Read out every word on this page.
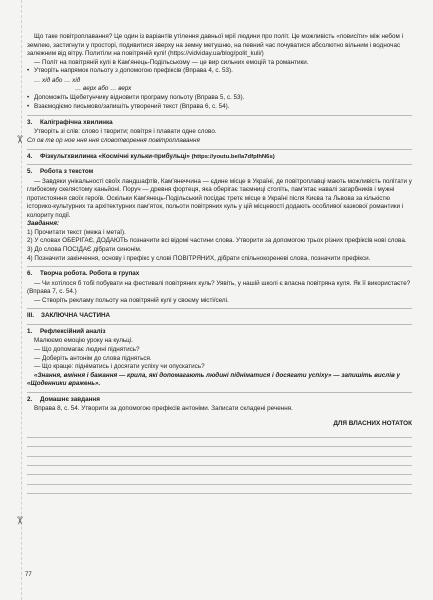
✂
✂

Що таке повітроплавання? Це один із варіантів утілення давньої мрії людини про політ. Це можливість «повисіти» між небом і землею, застигнути у просторі, подивитися зверху на земну метушню, на певний час почуватися абсолютно вільним і водночас залежним від вітру. Политіли на повітряній кулі! (https://vidviday.ua/blog/polit_kuli/)

— Політ на повітряній кулі в Кам'янець-Подільському — це вир сильних емоцій та романтики.

• Утворіть напрямок польоту з допомогою префіксів (Вправа 4, с. 53).

… хід або … хід

… верх або … верх

• Допоможіть Щебетунчику відновити програму польоту (Вправа 5, с. 53).

• Взаємодіємо письмово/запишіть утворений текст (Вправа 6, с. 54).

3. Каліграфічна хвилинка

Утворіть зі слів: слово і творити; повітря і плавати одне слово.

Сл ов тв ор ное ння ння словотворення повітроплавання

4. Фізкультхвилинка «Космічні кульки-прибульці» (https://youtu.be/la7dfpIhN6s)
5. Робота з текстом

— Завдяки унікальності своїх ландшафтів, Кам'янеччина — єдине місце в Україні, де повітроплавці мають можливість політати у глибокому скелястому каньйоні. Поруч — древня фортеця, яка оберігає таємниці століть, пам'ятає навалі загарбників і мужні протистояння своїх героїв. Оскільки Кам'янець-Подільський посідає третє місце в Україні після Києва та Львова за кількістю історико-культурних та архітектурних пам'яток, польоти повітряних куль у цій місцевості додають особливої казкової романтики і колориту події.

Завдання:

1) Прочитати текст (межа і метаї).

2) У словах ОБЕРІГАЄ, ДОДАЮТЬ позначити всі відомі частини слова. Утворити за допомогою трьох різних префіксів нові слова.

3) До слова ПОСІДАЄ дібрати синонім.

4) Позначити закінчення, основу і префікс у слові ПОВІТРЯНИХ, дібрати спільнокореневі слова, позначити префікси.

6. Творча робота. Робота в групах

— Чи хотілося б тобі побувати на фестивалі повітряних куль? Уявіть, у нашій школі є власна повітряна куля. Як її використаєте? (Вправа 7, с. 54.)

— Створіть рекламу польоту на повітряній кулі у своєму місті/селі.

III. ЗАКЛЮЧНА ЧАСТИНА
1. Рефлексійний аналіз

Малюємо емоцію уроку на кульці.

— Що допомагає людині піднятись?

— Доберіть антонім до слова підняться.

— Що краще: підніматись і досягати успіху чи опускатись?

«Знання, вміння і бажання — крила, які допомагають людині підніматися і досягати успіху» — запишіть вислів у «Щоденники вражень».

2. Домашнє завдання

Вправа 8, с. 54. Утворити за допомогою префіксів антоніми. Записати складені речення.

ДЛЯ ВЛАСНИХ НОТАТОК
77
